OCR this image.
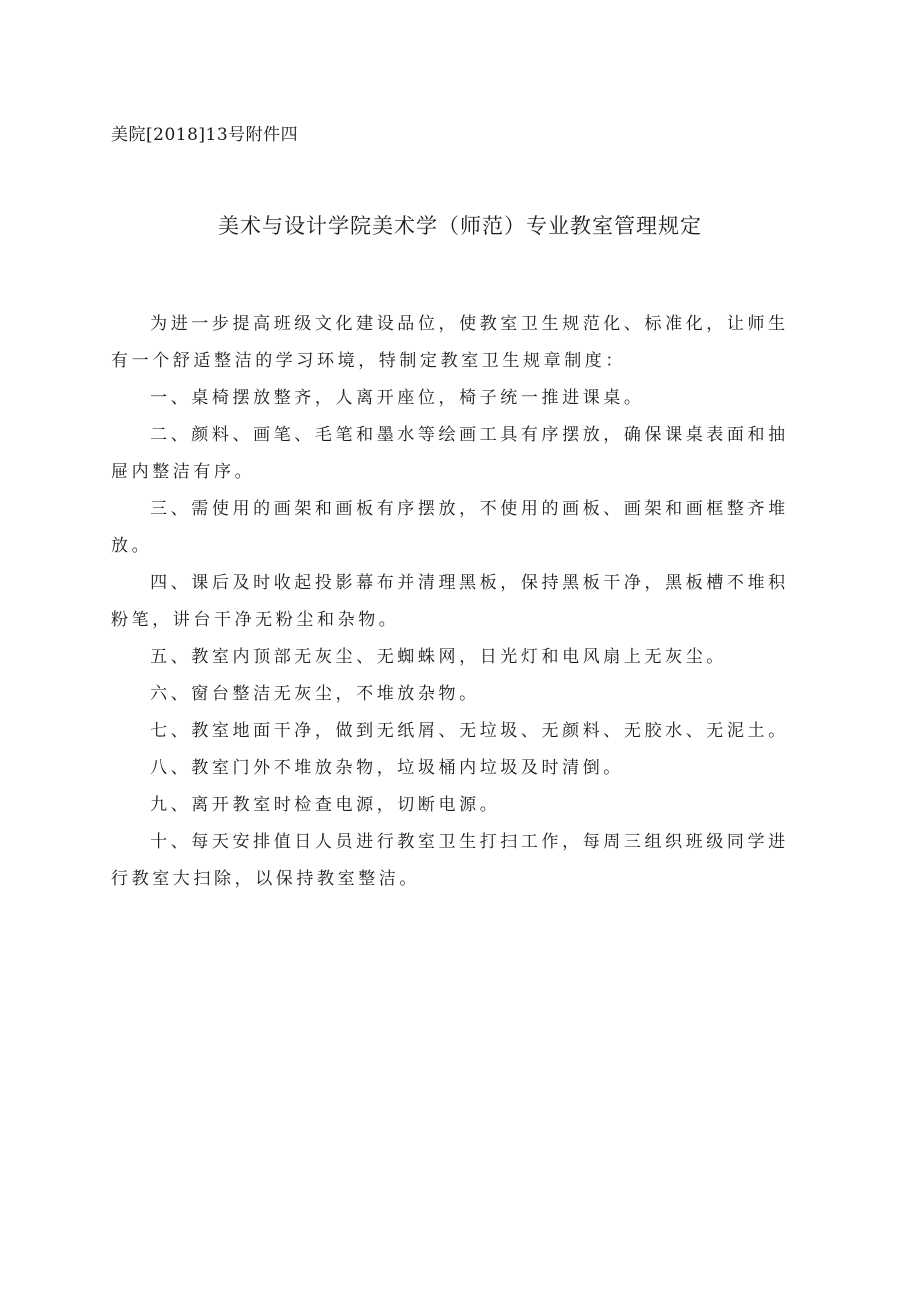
美院[2018]13号附件四
美术与设计学院美术学（师范）专业教室管理规定

为进一步提高班级文化建设品位，使教室卫生规范化、标准化，让师生有一个舒适整洁的学习环境，特制定教室卫生规章制度：

一、桌椅摆放整齐，人离开座位，椅子统一推进课桌。

二、颜料、画笔、毛笔和墨水等绘画工具有序摆放，确保课桌表面和抽屉内整洁有序。

三、需使用的画架和画板有序摆放，不使用的画板、画架和画框整齐堆放。

四、课后及时收起投影幕布并清理黑板，保持黑板干净，黑板槽不堆积粉笔，讲台干净无粉尘和杂物。

五、教室内顶部无灰尘、无蜘蛛网，日光灯和电风扇上无灰尘。

六、窗台整洁无灰尘，不堆放杂物。

七、教室地面干净，做到无纸屑、无垃圾、无颜料、无胶水、无泥土。

八、教室门外不堆放杂物，垃圾桶内垃圾及时清倒。

九、离开教室时检查电源，切断电源。

十、每天安排值日人员进行教室卫生打扫工作，每周三组织班级同学进行教室大扫除，以保持教室整洁。
